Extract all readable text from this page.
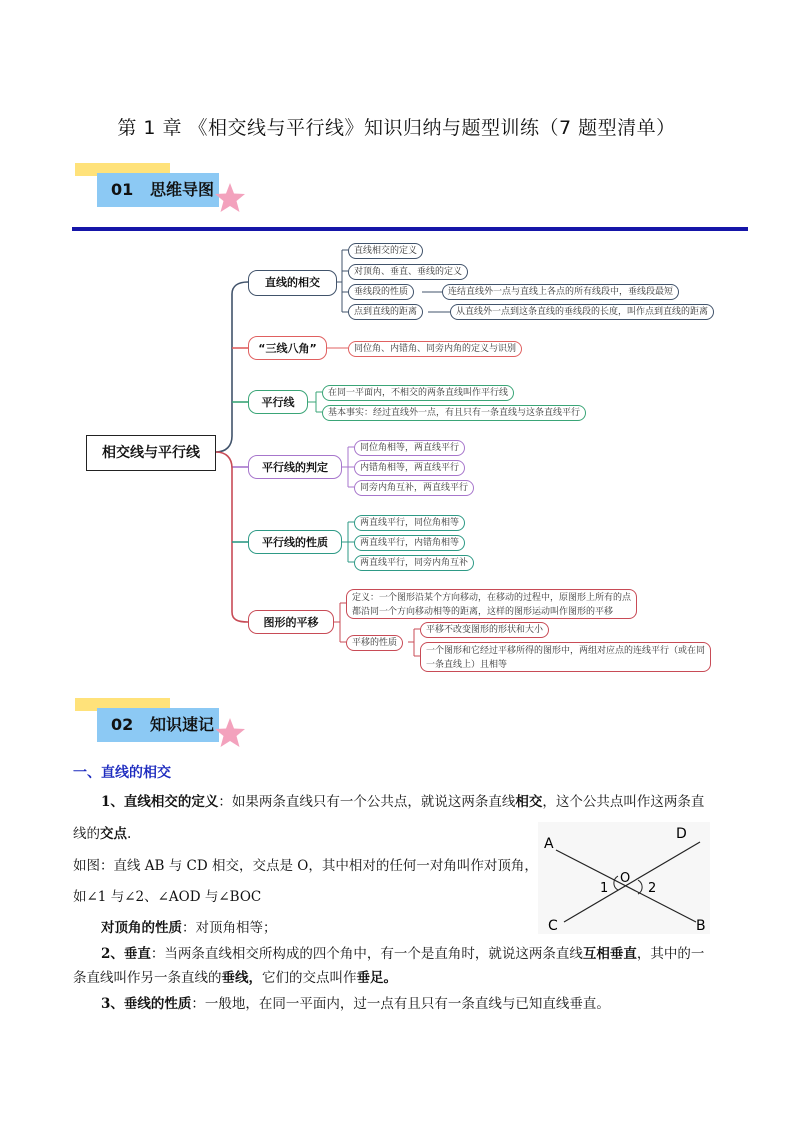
第 1 章 《相交线与平行线》知识归纳与题型训练（7 题型清单）
01 思维导图
相交线与平行线
直线的相交
直线相交的定义
对顶角、垂直、垂线的定义
垂线段的性质	连结直线外一点与直线上各点的所有线段中，垂线段最短
点到直线的距离	从直线外一点到这条直线的垂线段的长度，叫作点到直线的距离
“三线八角”	同位角、内错角、同旁内角的定义与识别
平行线
在同一平面内，不相交的两条直线叫作平行线
基本事实：经过直线外一点，有且只有一条直线与这条直线平行
平行线的判定
同位角相等，两直线平行
内错角相等，两直线平行
同旁内角互补，两直线平行
平行线的性质
两直线平行，同位角相等
两直线平行，内错角相等
两直线平行，同旁内角互补
图形的平移
定义：一个图形沿某个方向移动，在移动的过程中，原图形上所有的点
都沿同一个方向移动相等的距离，这样的图形运动叫作图形的平移
平移的性质
平移不改变图形的形状和大小
一个图形和它经过平移所得的图形中，两组对应点的连线平行（或在同
一条直线上）且相等
02 知识速记
一、直线的相交
1、直线相交的定义：如果两条直线只有一个公共点，就说这两条直线相交，这个公共点叫作这两条直
线的交点.
如图：直线 AB 与 CD 相交，交点是 O，其中相对的任何一对角叫作对顶角，
如∠1 与∠2、∠AOD 与∠BOC
对顶角的性质：对顶角相等；
2、垂直：当两条直线相交所构成的四个角中，有一个是直角时，就说这两条直线互相垂直，其中的一
条直线叫作另一条直线的垂线，它们的交点叫作垂足。
3、垂线的性质：一般地，在同一平面内，过一点有且只有一条直线与已知直线垂直。
A
D
O
1	2
C	B
